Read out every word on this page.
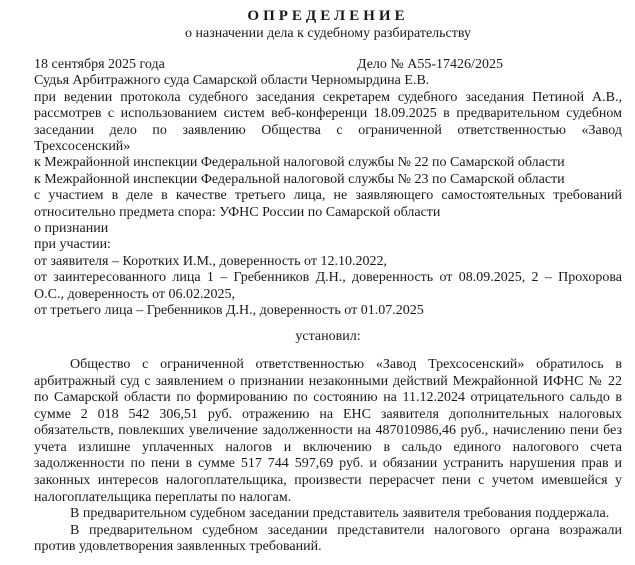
ОПРЕДЕЛЕНИЕ
о назначении дела к судебному разбирательству
18 сентября 2025 года	Дело № А55-17426/2025
Судья Арбитражного суда Самарской области Черномырдина Е.В.
при ведении протокола судебного заседания секретарем судебного заседания Петиной А.В.,
рассмотрев с использованием систем веб-конференци 18.09.2025 в предварительном судебном
заседании дело по заявлению Общества с ограниченной ответственностью «Завод
Трехсосенский»
к Межрайонной инспекции Федеральной налоговой службы № 22 по Самарской области
к Межрайонной инспекции Федеральной налоговой службы № 23 по Самарской области
с участием в деле в качестве третьего лица, не заявляющего самостоятельных требований
относительно предмета спора: УФНС России по Самарской области
о признании
при участии:
от заявителя – Коротких И.М., доверенность от 12.10.2022,
от заинтересованного лица 1 – Гребенников Д.Н., доверенность от 08.09.2025, 2 – Прохорова
О.С., доверенность от 06.02.2025,
от третьего лица – Гребенников Д.Н., доверенность от 01.07.2025
установил:
Общество с ограниченной ответственностью «Завод Трехсосенский» обратилось в
арбитражный суд с заявлением о признании незаконными действий Межрайонной ИФНС № 22
по Самарской области по формированию по состоянию на 11.12.2024 отрицательного сальдо в
сумме 2 018 542 306,51 руб. отражению на ЕНС заявителя дополнительных налоговых
обязательств, повлекших увеличение задолженности на 487010986,46 руб., начислению пени без
учета излишне уплаченных налогов и включению в сальдо единого налогового счета
задолженности по пени в сумме 517 744 597,69 руб. и обязании устранить нарушения прав и
законных интересов налогоплательщика, произвести перерасчет пени с учетом имевшейся у
налогоплательщика переплаты по налогам.
В предварительном судебном заседании представитель заявителя требования поддержала.
В предварительном судебном заседании представители налогового органа возражали
против удовлетворения заявленных требований.
